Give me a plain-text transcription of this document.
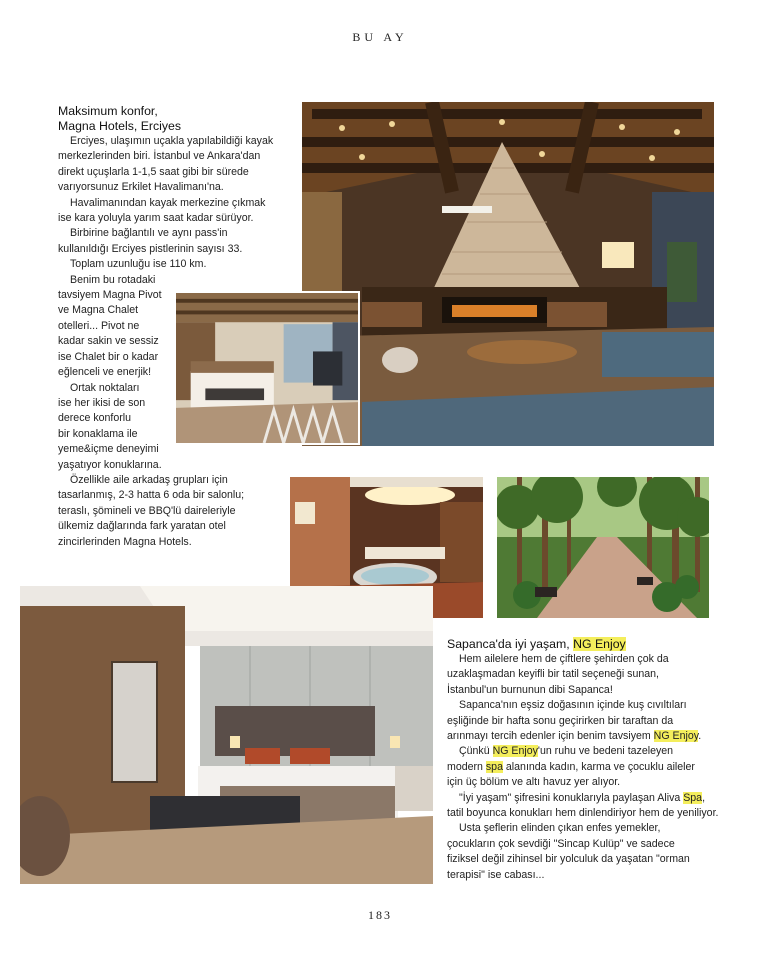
BU AY
Maksimum konfor,
Magna Hotels, Erciyes

Erciyes, ulaşımın uçakla yapılabildiği kayak

merkezlerinden biri. İstanbul ve Ankara'dan
direkt uçuşlarla 1-1,5 saat gibi bir sürede
varıyorsunuz Erkilet Havalimanı'na.

Havalimanından kayak merkezine çıkmak

ise kara yoluyla yarım saat kadar sürüyor.

Birbirine bağlantılı ve aynı pass'in

kullanıldığı Erciyes pistlerinin sayısı 33.

Toplam uzunluğu ise 110 km.

Benim bu rotadaki

tavsiyem Magna Pivot
ve Magna Chalet
otelleri... Pivot ne
kadar sakin ve sessiz
ise Chalet bir o kadar
eğlenceli ve enerjik!

Ortak noktaları

ise her ikisi de son
derece konforlu
bir konaklama ile
yeme&içme deneyimi
yaşatıyor konuklarına.

Özellikle aile arkadaş grupları için

tasarlanmış, 2-3 hatta 6 oda bir salonlu;
teraslı, şömineli ve BBQ'lü daireleriyle
ülkemiz dağlarında fark yaratan otel
zincirlerinden Magna Hotels.
Sapanca'da iyi yaşam, NG Enjoy

Hem ailelere hem de çiftlere şehirden çok da

uzaklaşmadan keyifli bir tatil seçeneği sunan,
İstanbul'un burnunun dibi Sapanca!

Sapanca'nın eşsiz doğasının içinde kuş cıvıltıları

eşliğinde bir hafta sonu geçirirken bir taraftan da
arınmayı tercih edenler için benim tavsiyem NG Enjoy.

Çünkü NG Enjoy'un ruhu ve bedeni tazeleyen

modern spa alanında kadın, karma ve çocuklu aileler
için üç bölüm ve altı havuz yer alıyor.

"İyi yaşam" şifresini konuklarıyla paylaşan Aliva Spa,

tatil boyunca konukları hem dinlendiriyor hem de yeniliyor.

Usta şeflerin elinden çıkan enfes yemekler,

çocukların çok sevdiği "Sincap Kulüp" ve sadece
fiziksel değil zihinsel bir yolculuk da yaşatan "orman
terapisi" ise cabası...
183
